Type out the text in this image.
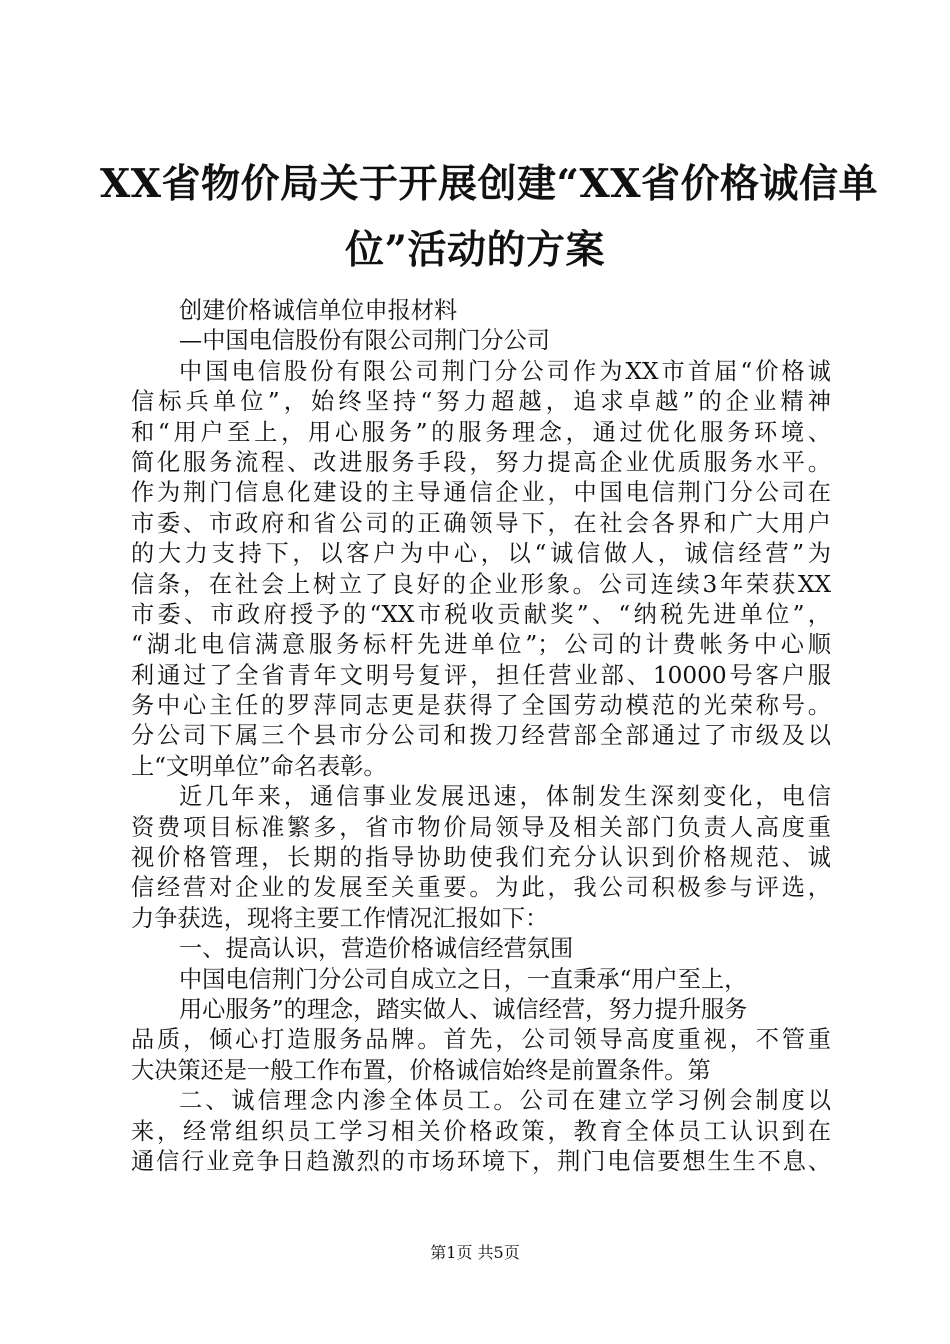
XX省物价局关于开展创建“XX省价格诚信单
位”活动的方案
创建价格诚信单位申报材料
—中国电信股份有限公司荆门分公司
中国电信股份有限公司荆门分公司作为XX市首届“价格诚
信标兵单位”，始终坚持“努力超越，追求卓越”的企业精神
和“用户至上，用心服务”的服务理念，通过优化服务环境、
简化服务流程、改进服务手段，努力提高企业优质服务水平。
作为荆门信息化建设的主导通信企业，中国电信荆门分公司在
市委、市政府和省公司的正确领导下，在社会各界和广大用户
的大力支持下，以客户为中心，以“诚信做人，诚信经营”为
信条，在社会上树立了良好的企业形象。公司连续3年荣获XX
市委、市政府授予的“XX市税收贡献奖”、“纳税先进单位”，
“湖北电信满意服务标杆先进单位”；公司的计费帐务中心顺
利通过了全省青年文明号复评，担任营业部、10000号客户服
务中心主任的罗萍同志更是获得了全国劳动模范的光荣称号。
分公司下属三个县市分公司和拨刀经营部全部通过了市级及以
上“文明单位”命名表彰。
近几年来，通信事业发展迅速，体制发生深刻变化，电信
资费项目标准繁多，省市物价局领导及相关部门负责人高度重
视价格管理，长期的指导协助使我们充分认识到价格规范、诚
信经营对企业的发展至关重要。为此，我公司积极参与评选，
力争获选，现将主要工作情况汇报如下：
一、提高认识，营造价格诚信经营氛围
中国电信荆门分公司自成立之日，一直秉承“用户至上，
用心服务”的理念，踏实做人、诚信经营，努力提升服务
品质，倾心打造服务品牌。首先，公司领导高度重视，不管重
大决策还是一般工作布置，价格诚信始终是前置条件。第
二、诚信理念内渗全体员工。公司在建立学习例会制度以
来，经常组织员工学习相关价格政策，教育全体员工认识到在
通信行业竞争日趋激烈的市场环境下，荆门电信要想生生不息、
第1页 共5页
